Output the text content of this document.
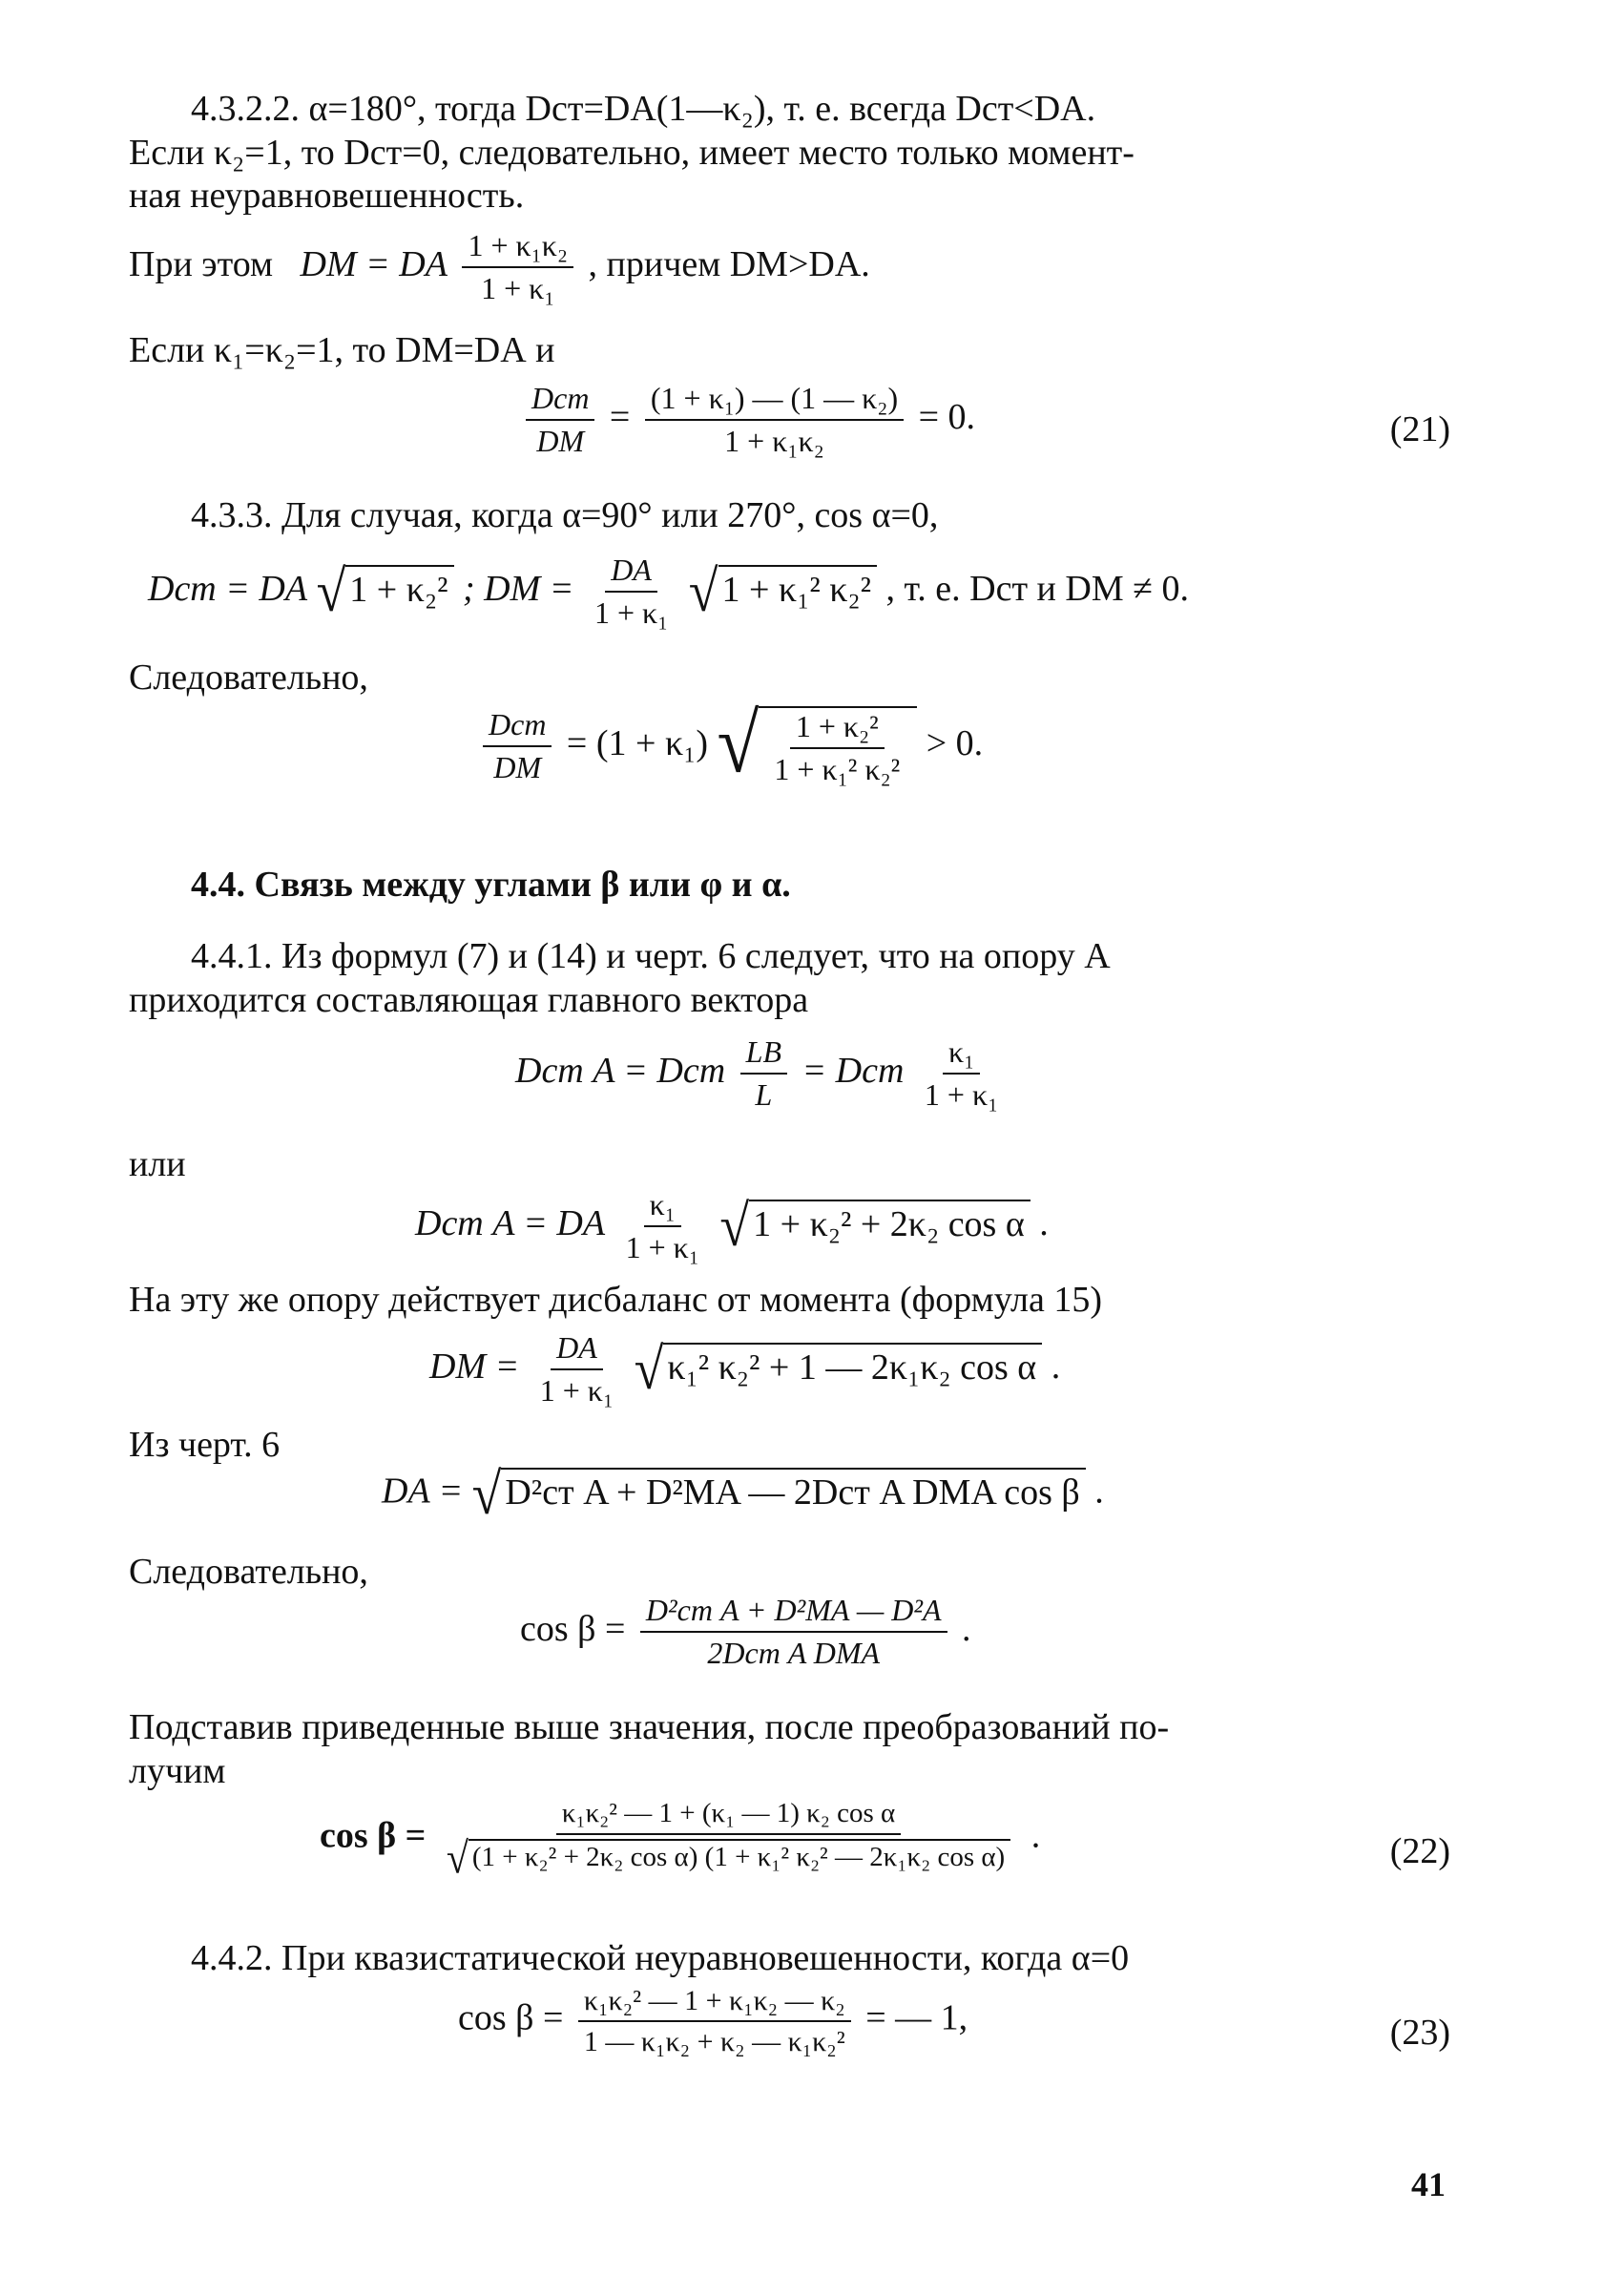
4.3.2.2. α=180°, тогда Dст=DА(1—κ₂), т. е. всегда Dст<DА.
Если κ₂=1, то Dст=0, следовательно, имеет место только момент-
ная неуравновешенность.
При этом DМ = DA $\frac{\text{1 + κ₁κ₂}}{\text{1 + κ₁}}$ , причем DМ>DА.
Если κ₁=κ₂=1, то DМ=DА и
$\frac{\text{Dст}}{DМ} = \frac{\text{(1 + κ₁) — (1 — κ₂)}}{\text{1 + κ₁κ₂}} = 0$.	(21)
4.3.3. Для случая, когда α=90° или 270°, cos α=0,
Dст = DА √ 1 + κ₂² ; DМ = $\frac{DA}{\text{1 + κ₁}}$
√ 1 + κ₁² κ₂² , т. е. Dст и DМ ≠ 0.
Следовательно,
$\frac{\text{Dст}}{DМ} = (1 + \kappa_1)$ √ $\frac{\text{1 + κ₂²}}{\text{1 + κ₁² κ₂²}} > 0$.
4.4. Связь между углами β или φ и α.
4.4.1. Из формул (7) и (14) и черт. 6 следует, что на опору A
приходится составляющая главного вектора
Dст A = Dст $\frac{LB}{L}$ = Dст $\frac{\text{κ₁}}{\text{1 + κ₁}}$
или
Dст A = DA $\frac{\text{κ₁}}{\text{1 + κ₁}}$
√ 1 + κ₂² + 2κ₂ cos α .
На эту же опору действует дисбаланс от момента (формула 15)
DМ = $\frac{DA}{\text{1 + κ₁}}$
√ κ₁² κ₂² + 1 — 2κ₁κ₂ cos α .
Из черт. 6
DA = √ D²ст A + D²МA — 2Dст A DМA cos β .
Следовательно,
$\cos \beta = \frac{\text{D²ст A + D²МA — D²A}}{\text{2Dст A DМA}}$ .
Подставив приведенные выше значения, после преобразований по-
лучим
cos β =
κ₁κ₂² — 1 + (κ₁ — 1) κ₂ cos α
√ (1 + κ₂² + 2κ₂ cos α) (1 + κ₁² κ₂² — 2κ₁κ₂ cos α)
.	(22)
4.4.2. При квазистатической неуравновешенности, когда α=0
$\cos \beta = \frac{\text{κ₁κ₂² — 1 + κ₁κ₂ — κ₂}}{\text{1 — κ₁κ₂ + κ₂ — κ₁κ₂²}}$ = — 1,	(23)
41
